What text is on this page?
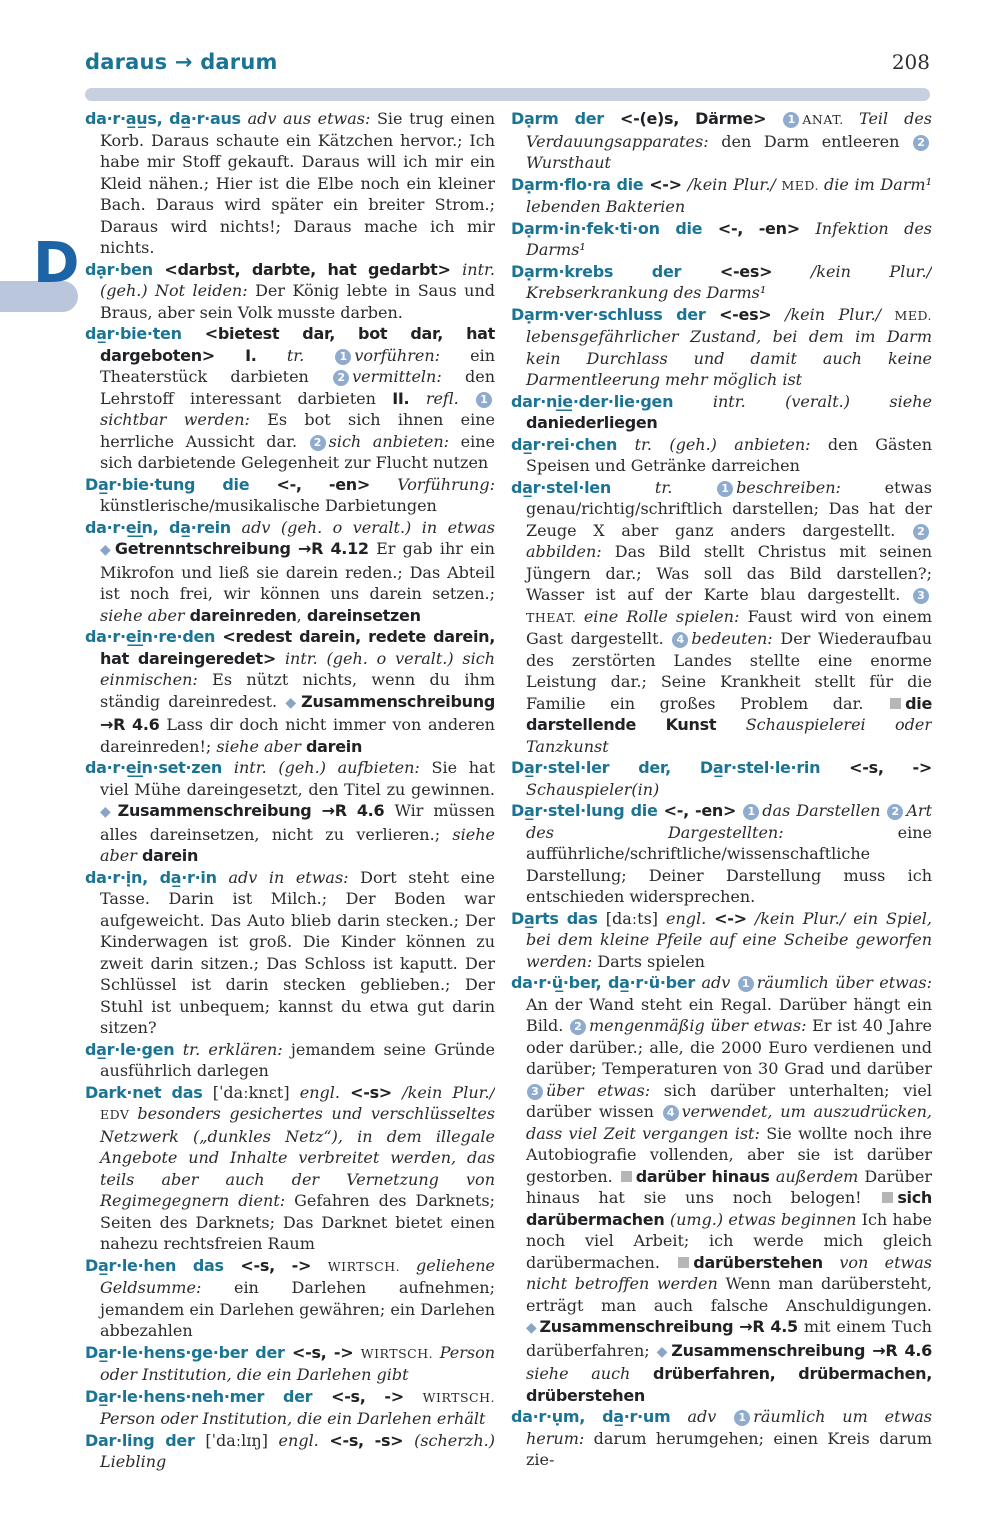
daraus → darum	208
D

da·r·a̲u̲s, da̲·r·aus adv aus etwas: Sie trug einen Korb. Daraus schaute ein Kätzchen hervor.; Ich habe mir Stoff gekauft. Daraus will ich mir ein Kleid nähen.; Hier ist die Elbe noch ein kleiner Bach. Daraus wird später ein breiter Strom.; Daraus wird nichts!; Daraus mache ich mir nichts.

dạr·ben <darbst, darbte, hat gedarbt> intr. (geh.) Not leiden: Der König lebte in Saus und Braus, aber sein Volk musste darben.

da̲r·bie·ten <bietest dar, bot dar, hat dargeboten> I. tr. 1 vorführen: ein Theaterstück darbieten 2 vermitteln: den Lehrstoff interessant darbieten II. refl. 1sichtbar werden: Es bot sich ihnen eine herrliche Aussicht dar. 2 sich anbieten: eine sich darbietende Gelegenheit zur Flucht nutzen

Da̲r·bie·tung die <-, -en> Vorführung: künstlerische/musikalische Darbietungen

da·r·e̲i̲n, da̲·rein adv (geh. o veralt.) in etwas ◆ Getrenntschreibung →R 4.12 Er gab ihr ein Mikrofon und ließ sie darein reden.; Das Abteil ist noch frei, wir können uns darein setzen.; siehe aber dareinreden, dareinsetzen

da·r·e̲i̲n·re·den <redest darein, redete darein, hat dareingeredet> intr. (geh. o veralt.) sich einmischen: Es nützt nichts, wenn du ihm ständig dareinredest. ◆ Zusammenschreibung →R 4.6 Lass dir doch nicht immer von anderen dareinreden!; siehe aber darein

da·r·e̲i̲n·set·zen intr. (geh.) aufbieten: Sie hat viel Mühe dareingesetzt, den Titel zu gewinnen. ◆ Zusammenschreibung →R 4.6 Wir müssen alles dareinsetzen, nicht zu verlieren.; siehe aber darein

da·r·ịn, da̲·r·in adv in etwas: Dort steht eine Tasse. Darin ist Milch.; Der Boden war aufgeweicht. Das Auto blieb darin stecken.; Der Kinderwagen ist groß. Die Kinder können zu zweit darin sitzen.; Das Schloss ist kaputt. Der Schlüssel ist darin stecken geblieben.; Der Stuhl ist unbequem; kannst du etwa gut darin sitzen?

da̲r·le·gen tr. erklären: jemandem seine Gründe ausführlich darlegen

Dark·net das [ˈdaːknɛt] engl. <-s> /kein Plur./ EDV besonders gesichertes und verschlüsseltes Netzwerk („dunkles Netz“), in dem illegale Angebote und Inhalte verbreitet werden, das teils aber auch der Vernetzung von Regimegegnern dient: Gefahren des Darknets; Seiten des Darknets; Das Darknet bietet einen nahezu rechtsfreien Raum

Da̲r·le·hen das <-s, -> WIRTSCH. geliehene Geldsumme: ein Darlehen aufnehmen; jemandem ein Darlehen gewähren; ein Darlehen abbezahlen

Da̲r·le·hens·ge·ber der <-s, -> WIRTSCH. Person oder Institution, die ein Darlehen gibt

Da̲r·le·hens·neh·mer der <-s, -> WIRTSCH. Person oder Institution, die ein Darlehen erhält

Dar·ling der [ˈdaːlɪŋ] engl. <-s, -s> (scherzh.) Liebling

Dạrm der <-(e)s, Därme> 1 ANAT. Teil des Verdauungsapparates: den Darm entleeren 2Wursthaut

Dạrm·flo·ra die <-> /kein Plur./ MED. die im Darm¹ lebenden Bakterien

Dạrm·in·fek·ti·on die <-, -en> Infektion des Darms¹

Dạrm·krebs der <-es> /kein Plur./ Krebserkrankung des Darms¹

Dạrm·ver·schluss der <-es> /kein Plur./ MED. lebensgefährlicher Zustand, bei dem im Darm kein Durchlass und damit auch keine Darmentleerung mehr möglich ist

dar·ni̲e̲·der·lie·gen intr. (veralt.) siehe daniederliegen

da̲r·rei·chen tr. (geh.) anbieten: den Gästen Speisen und Getränke darreichen

da̲r·stel·len tr. 1 beschreiben: etwas genau/richtig/schriftlich darstellen; Das hat der Zeuge X aber ganz anders dargestellt. 2abbilden: Das Bild stellt Christus mit seinen Jüngern dar.; Was soll das Bild darstellen?; Wasser ist auf der Karte blau dargestellt. 3THEAT. eine Rolle spielen: Faust wird von einem Gast dargestellt. 4 bedeuten: Der Wiederaufbau des zerstörten Landes stellte eine enorme Leistung dar.; Seine Krankheit stellt für die Familie ein großes Problem dar. die darstellende Kunst Schauspielerei oder Tanzkunst

Da̲r·stel·ler der, Da̲r·stel·le·rin <-s, -> Schauspieler(in)

Da̲r·stel·lung die <-, -en> 1 das Darstellen 2 Art des Dargestellten: eine aufführliche/schriftliche/wissenschaftliche Darstellung; Deiner Darstellung muss ich entschieden widersprechen.

Da̲rts das [daːts] engl. <-> /kein Plur./ ein Spiel, bei dem kleine Pfeile auf eine Scheibe geworfen werden: Darts spielen

da·r·ü̲·ber, da̲·r·ü·ber adv 1 räumlich über etwas: An der Wand steht ein Regal. Darüber hängt ein Bild. 2 mengenmäßig über etwas: Er ist 40 Jahre oder darüber.; alle, die 2000 Euro verdienen und darüber; Temperaturen von 30 Grad und darüber 3 über etwas: sich darüber unterhalten; viel darüber wissen 4 verwendet, um auszudrücken, dass viel Zeit vergangen ist: Sie wollte noch ihre Autobiografie vollenden, aber sie ist darüber gestorben. darüber hinaus außerdem Darüber hinaus hat sie uns noch belogen! sich darübermachen (umg.) etwas beginnen Ich habe noch viel Arbeit; ich werde mich gleich darübermachen. darüberstehen von etwas nicht betroffen werden Wenn man darübersteht, erträgt man auch falsche Anschuldigungen. ◆ Zusammenschreibung →R 4.5 mit einem Tuch darüberfahren; ◆ Zusammenschreibung →R 4.6 siehe auch drüberfahren, drübermachen, drüberstehen

da·r·ụm, da̲·r·um adv 1 räumlich um etwas herum: darum herumgehen; einen Kreis darum zie-
